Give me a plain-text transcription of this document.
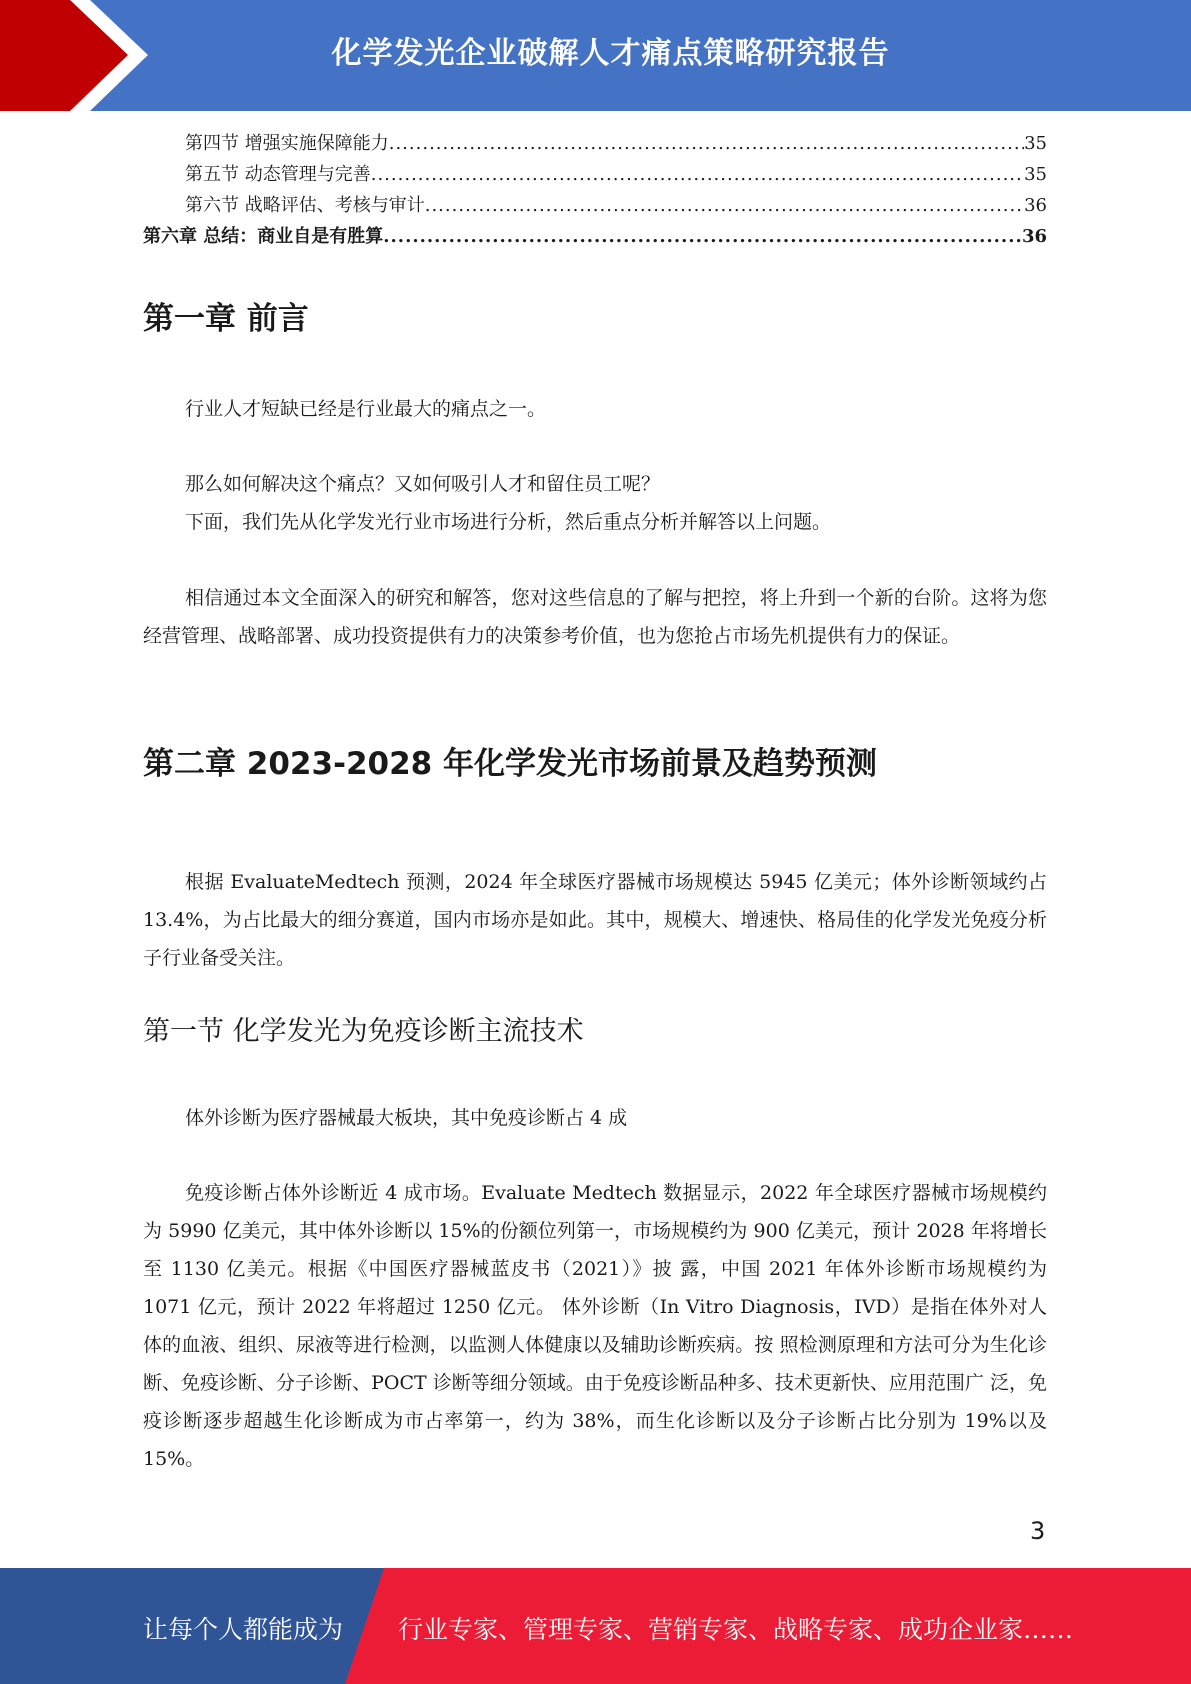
化学发光企业破解人才痛点策略研究报告
第四节 增强实施保障能力 .....	35
第五节 动态管理与完善 .....	35
第六节 战略评估、考核与审计 .....	36
第六章 总结：商业自是有胜算 .....	36
第一章 前言
行业人才短缺已经是行业最大的痛点之一。
那么如何解决这个痛点？又如何吸引人才和留住员工呢？
下面，我们先从化学发光行业市场进行分析，然后重点分析并解答以上问题。
相信通过本文全面深入的研究和解答，您对这些信息的了解与把控，将上升到一个新的台阶。这将为您经营管理、战略部署、成功投资提供有力的决策参考价值，也为您抢占市场先机提供有力的保证。
第二章 2023-2028 年化学发光市场前景及趋势预测
根据 EvaluateMedtech 预测，2024 年全球医疗器械市场规模达 5945 亿美元；体外诊断领域约占 13.4%，为占比最大的细分赛道，国内市场亦是如此。其中，规模大、增速快、格局佳的化学发光免疫分析子行业备受关注。
第一节 化学发光为免疫诊断主流技术
体外诊断为医疗器械最大板块，其中免疫诊断占 4 成
免疫诊断占体外诊断近 4 成市场。Evaluate Medtech 数据显示，2022 年全球医疗器械市场规模约为 5990 亿美元，其中体外诊断以 15%的份额位列第一，市场规模约为 900 亿美元，预计 2028 年将增长至 1130 亿美元。根据《中国医疗器械蓝皮书（2021）》披 露，中国 2021 年体外诊断市场规模约为 1071 亿元，预计 2022 年将超过 1250 亿元。 体外诊断（In Vitro Diagnosis，IVD）是指在体外对人体的血液、组织、尿液等进行检测，以监测人体健康以及辅助诊断疾病。按 照检测原理和方法可分为生化诊断、免疫诊断、分子诊断、POCT 诊断等细分领域。由于免疫诊断品种多、技术更新快、应用范围广 泛，免疫诊断逐步超越生化诊断成为市占率第一，约为 38%，而生化诊断以及分子诊断占比分别为 19%以及 15%。
3
让每个人都能成为 行业专家、管理专家、营销专家、战略专家、成功企业家……
